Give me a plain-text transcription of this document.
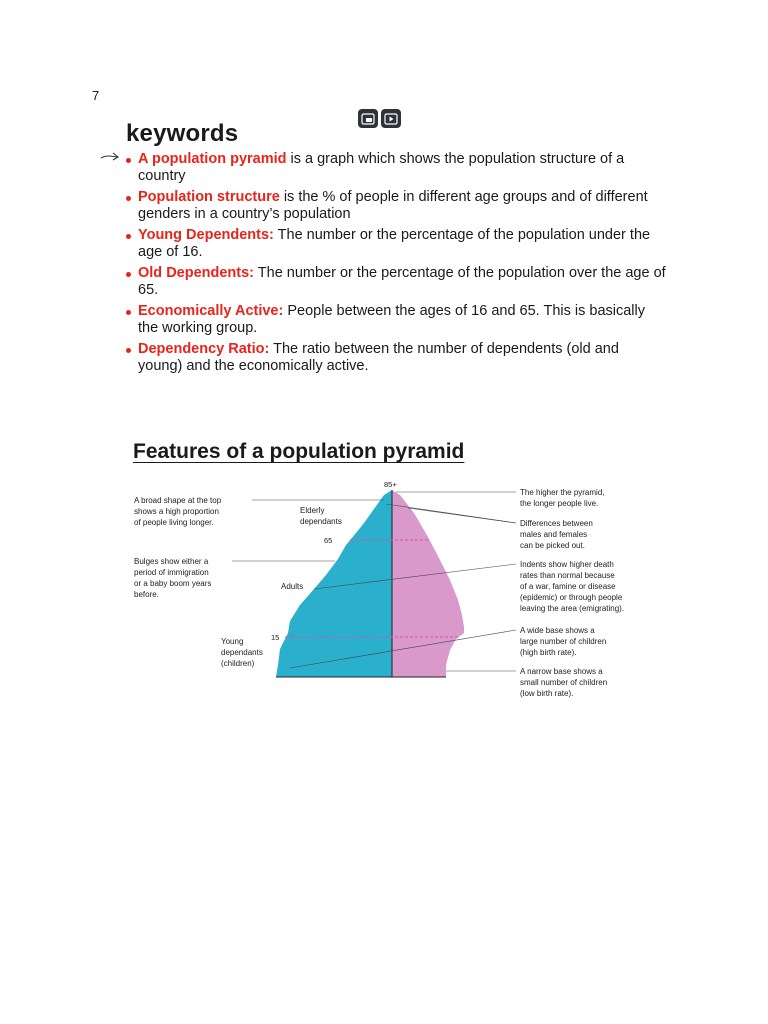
7
keywords
A population pyramid is a graph which shows the population structure of a country
Population structure is the % of people in different age groups and of different genders in a country’s population
Young Dependents: The number or the percentage of the population under the age of 16.
Old Dependents: The number or the percentage of the population over the age of 65.
Economically Active: People between the ages of 16 and 65. This is basically the working group.
Dependency Ratio: The ratio between the number of dependents (old and young) and the economically active.
Features of a population pyramid
85+
65
15
Elderly dependants
Adults
Young dependants (children)
A broad shape at the top shows a high proportion of people living longer.
Bulges show either a period of immigration or a baby boom years before.
The higher the pyramid, the longer people live.
Differences between males and females can be picked out.
Indents show higher death rates than normal because of a war, famine or disease (epidemic) or through people leaving the area (emigrating).
A wide base shows a large number of children (high birth rate).
A narrow base shows a small number of children (low birth rate).
